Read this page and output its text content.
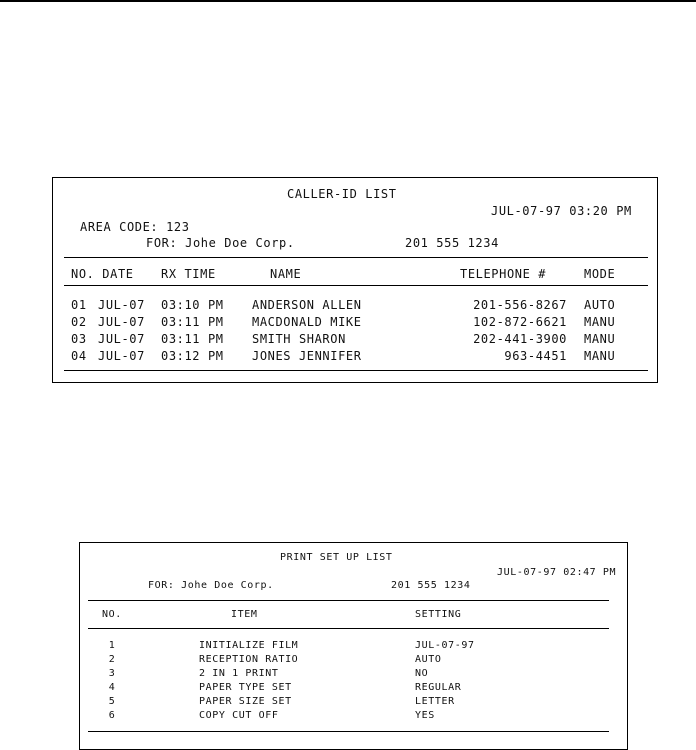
CALLER-ID LIST
JUL-07-97 03:20 PM
AREA CODE: 123
FOR: Johe Doe Corp.	201 555 1234
NO. DATE RX TIME	NAME	TELEPHONE #	MODE
01 JUL-07 03:10 PM ANDERSON ALLEN	201-556-8267 AUTO
02 JUL-07 03:11 PM MACDONALD MIKE	102-872-6621 MANU
03 JUL-07 03:11 PM SMITH SHARON	202-441-3900 MANU
04 JUL-07 03:12 PM JONES JENNIFER	963-4451 MANU
PRINT SET UP LIST
JUL-07-97 02:47 PM
FOR: Johe Doe Corp.	201 555 1234
NO.	ITEM	SETTING
1	INITIALIZE FILM	JUL-07-97
2	RECEPTION RATIO	AUTO
3	2 IN 1 PRINT	NO
4	PAPER TYPE SET	REGULAR
5	PAPER SIZE SET	LETTER
6	COPY CUT OFF	YES
